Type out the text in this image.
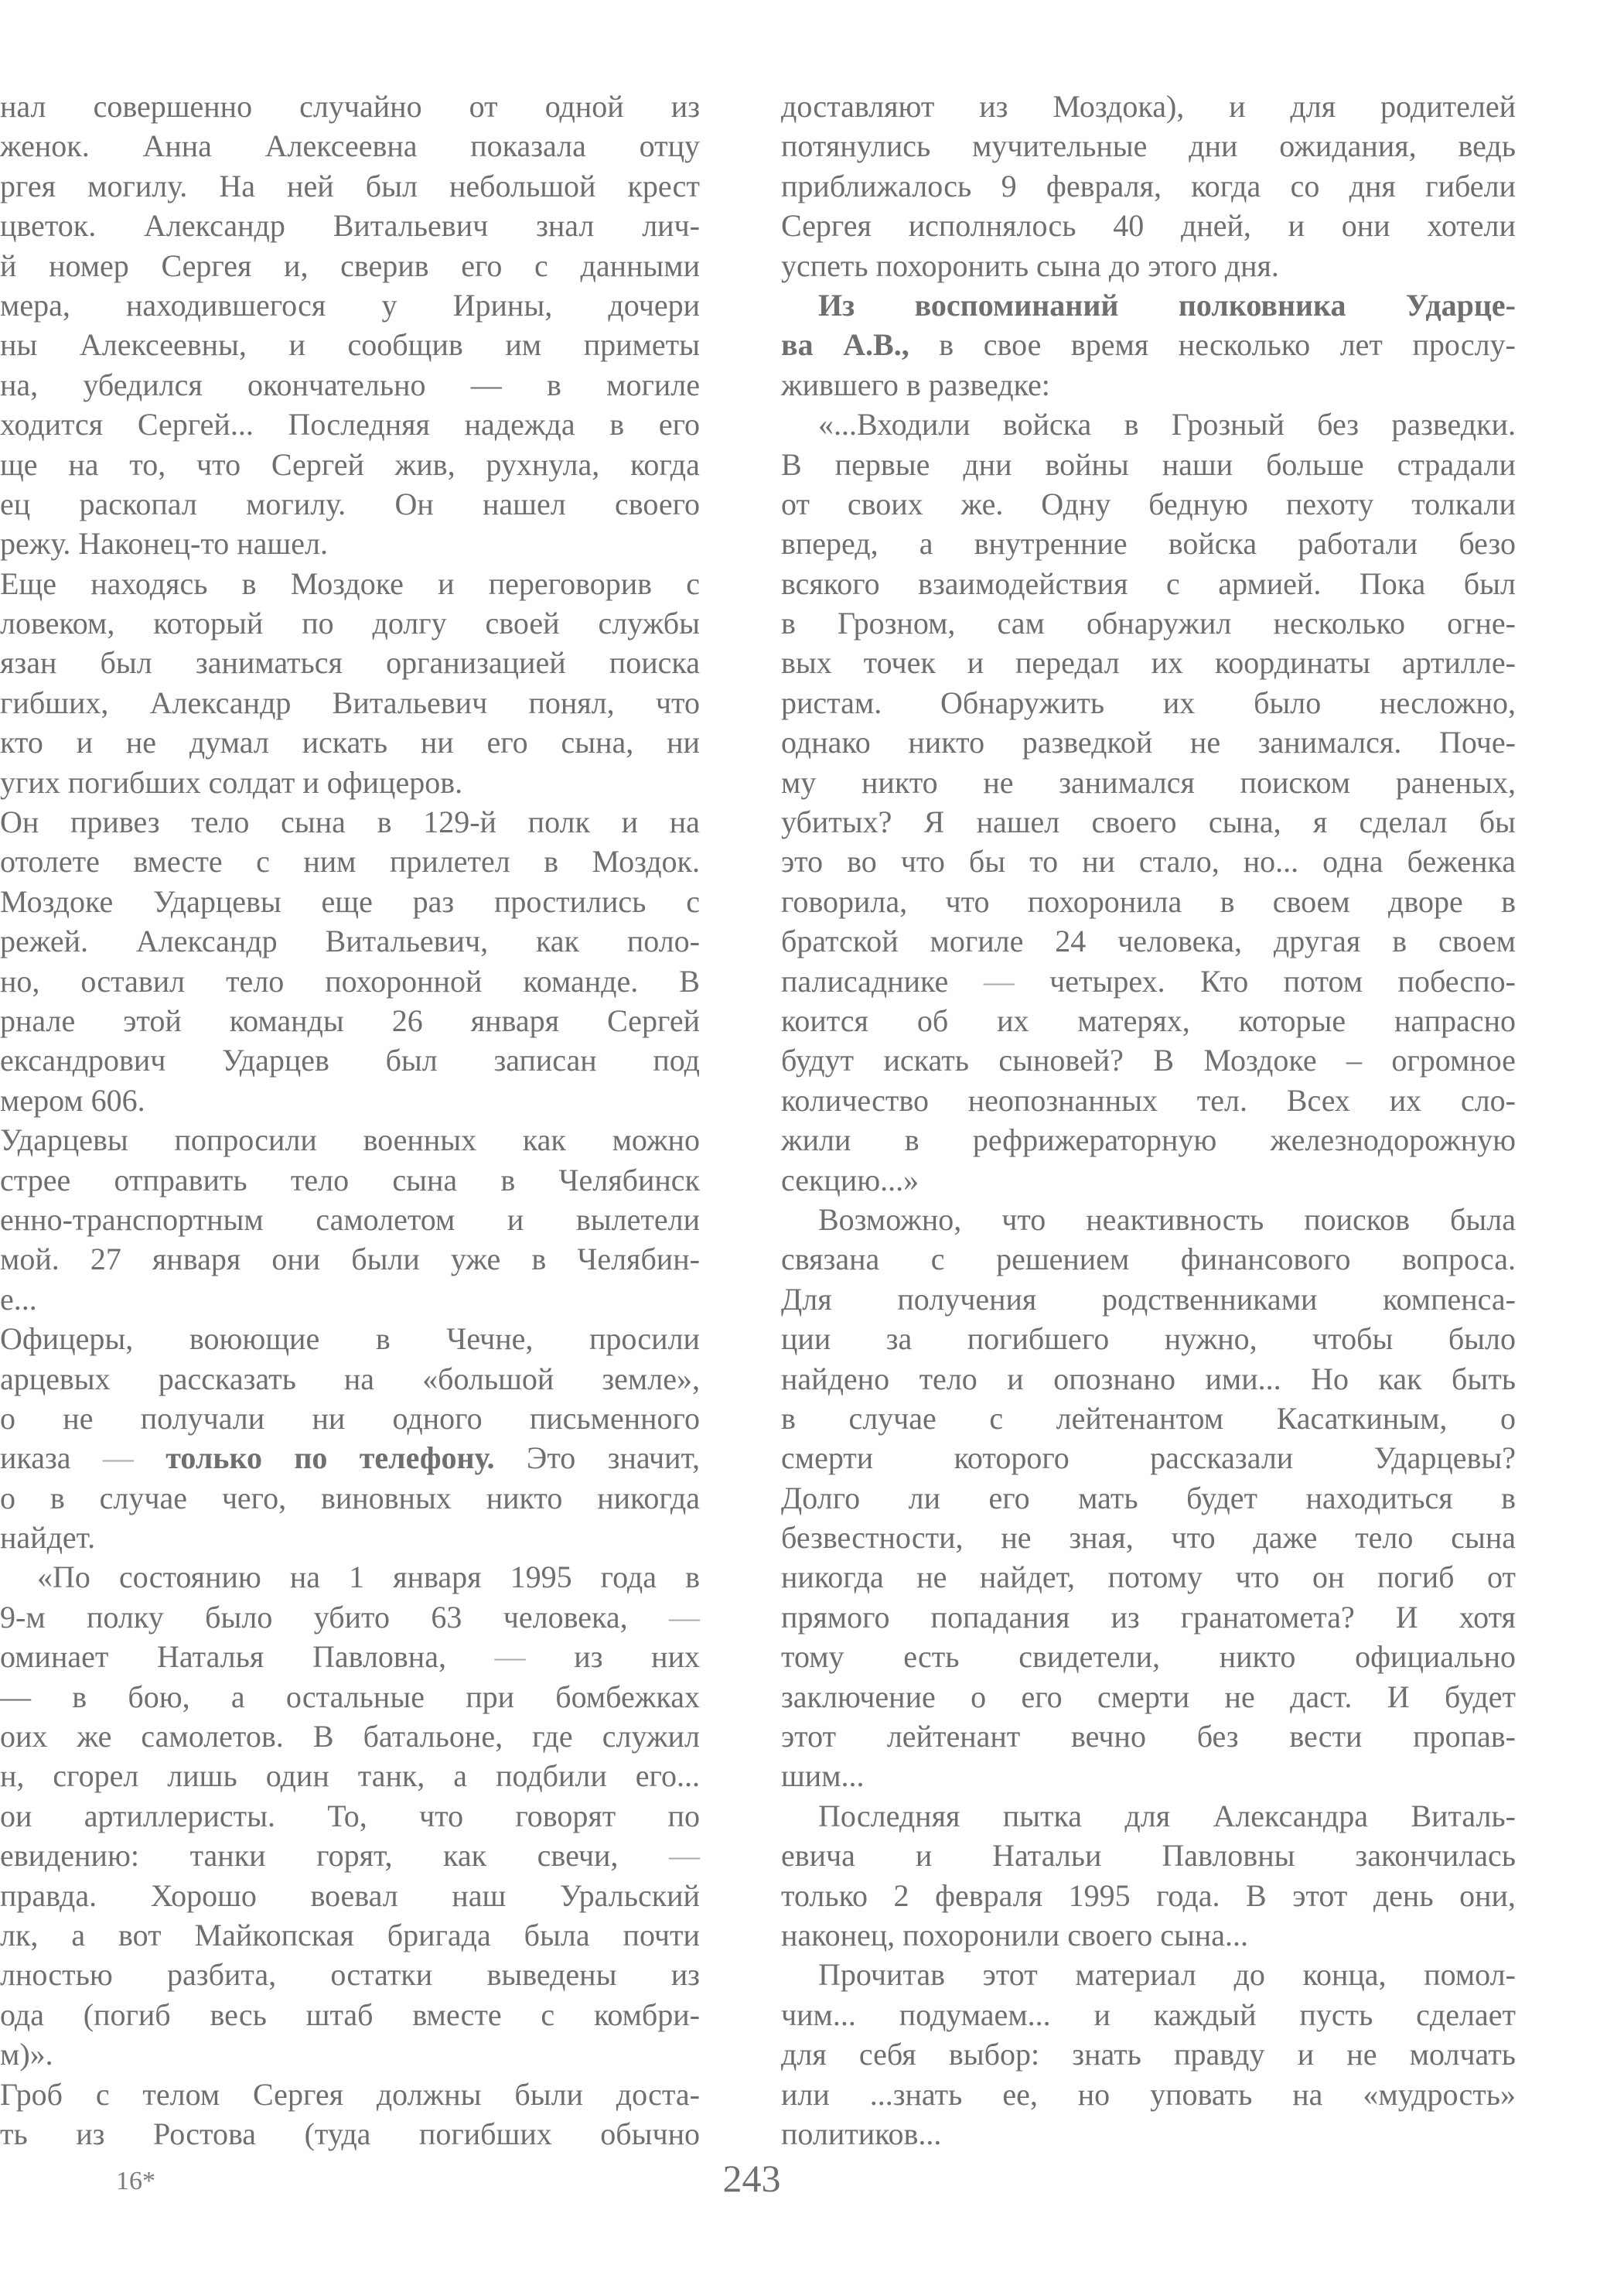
нал совершенно случайно от одной из
женок. Анна Алексеевна показала отцу
ргея могилу. На ней был небольшой крест
цветок. Александр Витальевич знал лич-
й номер Сергея и, сверив его с данными
мера, находившегося у Ирины, дочери
ны Алексеевны, и сообщив им приметы
на, убедился окончательно — в могиле
ходится Сергей... Последняя надежда в его
ще на то, что Сергей жив, рухнула, когда
ец раскопал могилу. Он нашел своего
режу. Наконец-то нашел.
Еще находясь в Моздоке и переговорив с
ловеком, который по долгу своей службы
язан был заниматься организацией поиска
гибших, Александр Витальевич понял, что
кто и не думал искать ни его сына, ни
угих погибших солдат и офицеров.
Он привез тело сына в 129-й полк и на
отолете вместе с ним прилетел в Моздок.
Моздоке Ударцевы еще раз простились с
режей. Александр Витальевич, как поло-
но, оставил тело похоронной команде. В
рнале этой команды 26 января Сергей
ександрович Ударцев был записан под
мером 606.
Ударцевы попросили военных как можно
стрее отправить тело сына в Челябинск
енно-транспортным самолетом и вылетели
мой. 27 января они были уже в Челябин-
е...
Офицеры, воюющие в Чечне, просили
арцевых рассказать на «большой земле»,
о не получали ни одного письменного
иказа — только по телефону. Это значит,
о в случае чего, виновных никто никогда
найдет.
«По состоянию на 1 января 1995 года в
9-м полку было убито 63 человека, —
оминает Наталья Павловна, — из них
— в бою, а остальные при бомбежках
оих же самолетов. В батальоне, где служил
н, сгорел лишь один танк, а подбили его...
ои артиллеристы. То, что говорят по
евидению: танки горят, как свечи, —
правда. Хорошо воевал наш Уральский
лк, а вот Майкопская бригада была почти
лностью разбита, остатки выведены из
ода (погиб весь штаб вместе с комбри-
м)».
Гроб с телом Сергея должны были доста-
ть из Ростова (туда погибших обычно
доставляют из Моздока), и для родителей
потянулись мучительные дни ожидания, ведь
приближалось 9 февраля, когда со дня гибели
Сергея исполнялось 40 дней, и они хотели
успеть похоронить сына до этого дня.
Из воспоминаний полковника Ударце-
ва А.В., в свое время несколько лет прослу-
жившего в разведке:
«...Входили войска в Грозный без разведки.
В первые дни войны наши больше страдали
от своих же. Одну бедную пехоту толкали
вперед, а внутренние войска работали безо
всякого взаимодействия с армией. Пока был
в Грозном, сам обнаружил несколько огне-
вых точек и передал их координаты артилле-
ристам. Обнаружить их было несложно,
однако никто разведкой не занимался. Поче-
му никто не занимался поиском раненых,
убитых? Я нашел своего сына, я сделал бы
это во что бы то ни стало, но... одна беженка
говорила, что похоронила в своем дворе в
братской могиле 24 человека, другая в своем
палисаднике — четырех. Кто потом побеспо-
коится об их матерях, которые напрасно
будут искать сыновей? В Моздоке – огромное
количество неопознанных тел. Всех их сло-
жили в рефрижераторную железнодорожную
секцию...»
Возможно, что неактивность поисков была
связана с решением финансового вопроса.
Для получения родственниками компенса-
ции за погибшего нужно, чтобы было
найдено тело и опознано ими... Но как быть
в случае с лейтенантом Касаткиным, о
смерти	которого	рассказали	Ударцевы?
Долго ли его мать будет находиться в
безвестности, не зная, что даже тело сына
никогда не найдет, потому что он погиб от
прямого попадания из гранатомета? И хотя
тому есть свидетели, никто официально
заключение о его смерти не даст. И будет
этот лейтенант вечно без вести пропав-
шим...
Последняя пытка для Александра Виталь-
евича и Натальи Павловны закончилась
только 2 февраля 1995 года. В этот день они,
наконец, похоронили своего сына...
Прочитав этот материал до конца, помол-
чим... подумаем... и каждый пусть сделает
для себя выбор: знать правду и не молчать
или ...знать ее, но уповать на «мудрость»
политиков...
16*	243
